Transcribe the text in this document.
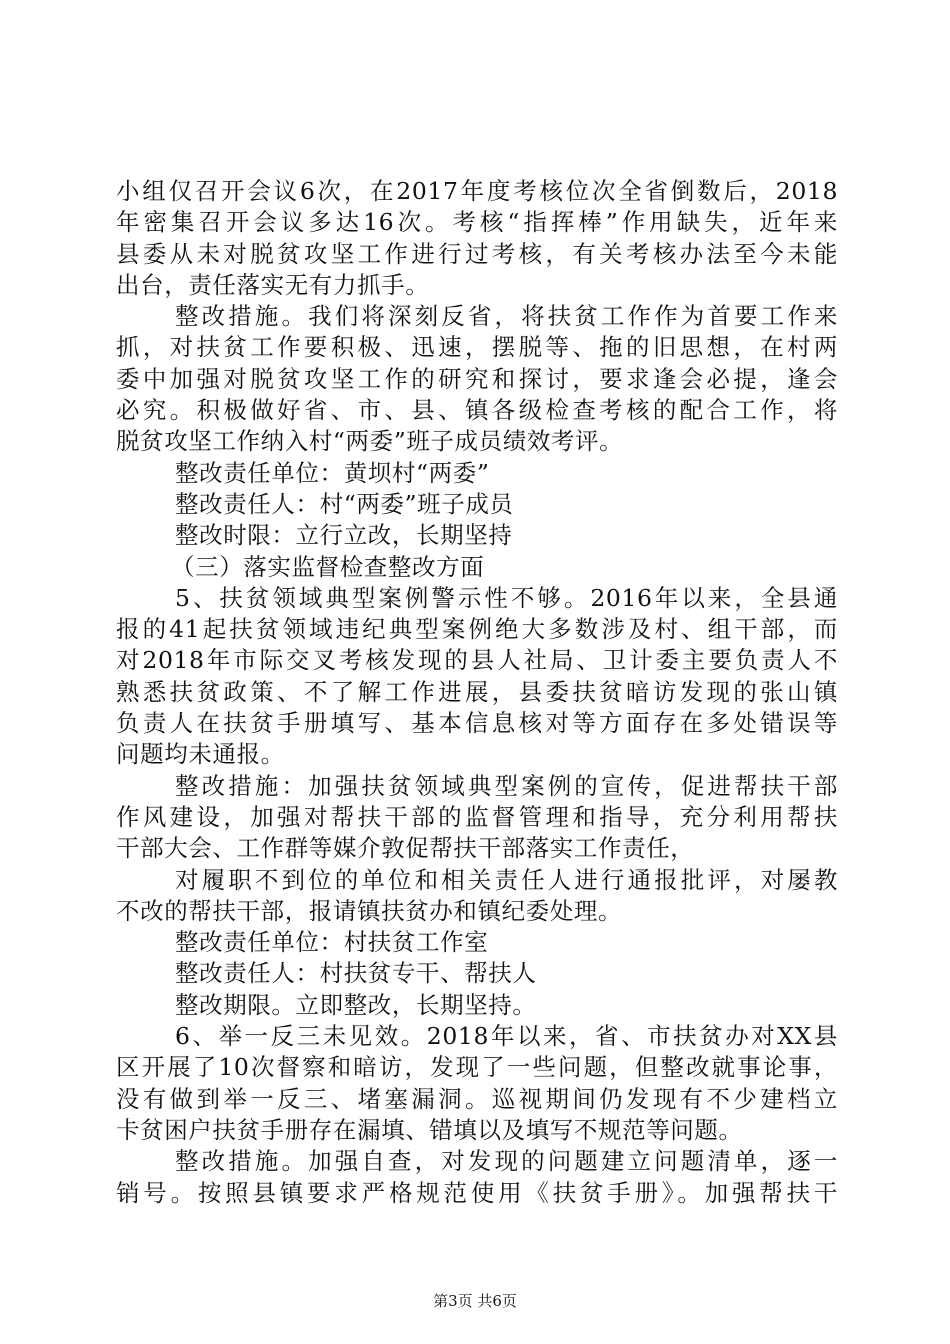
小组仅召开会议6次，在2017年度考核位次全省倒数后，2018
年密集召开会议多达16次。考核“指挥棒”作用缺失，近年来
县委从未对脱贫攻坚工作进行过考核，有关考核办法至今未能
出台，责任落实无有力抓手。
整改措施。我们将深刻反省，将扶贫工作作为首要工作来
抓，对扶贫工作要积极、迅速，摆脱等、拖的旧思想，在村两
委中加强对脱贫攻坚工作的研究和探讨，要求逢会必提，逢会
必究。积极做好省、市、县、镇各级检查考核的配合工作，将
脱贫攻坚工作纳入村“两委”班子成员绩效考评。
整改责任单位：黄坝村“两委”
整改责任人：村“两委”班子成员
整改时限：立行立改，长期坚持
（三）落实监督检查整改方面
5、扶贫领域典型案例警示性不够。2016年以来，全县通
报的41起扶贫领域违纪典型案例绝大多数涉及村、组干部，而
对2018年市际交叉考核发现的县人社局、卫计委主要负责人不
熟悉扶贫政策、不了解工作进展，县委扶贫暗访发现的张山镇
负责人在扶贫手册填写、基本信息核对等方面存在多处错误等
问题均未通报。
整改措施：加强扶贫领域典型案例的宣传，促进帮扶干部
作风建设，加强对帮扶干部的监督管理和指导，充分利用帮扶
干部大会、工作群等媒介敦促帮扶干部落实工作责任，
对履职不到位的单位和相关责任人进行通报批评，对屡教
不改的帮扶干部，报请镇扶贫办和镇纪委处理。
整改责任单位：村扶贫工作室
整改责任人：村扶贫专干、帮扶人
整改期限。立即整改，长期坚持。
6、举一反三未见效。2018年以来，省、市扶贫办对XX县
区开展了10次督察和暗访，发现了一些问题，但整改就事论事，
没有做到举一反三、堵塞漏洞。巡视期间仍发现有不少建档立
卡贫困户扶贫手册存在漏填、错填以及填写不规范等问题。
整改措施。加强自查，对发现的问题建立问题清单，逐一
销号。按照县镇要求严格规范使用《扶贫手册》。加强帮扶干
第3页 共6页
